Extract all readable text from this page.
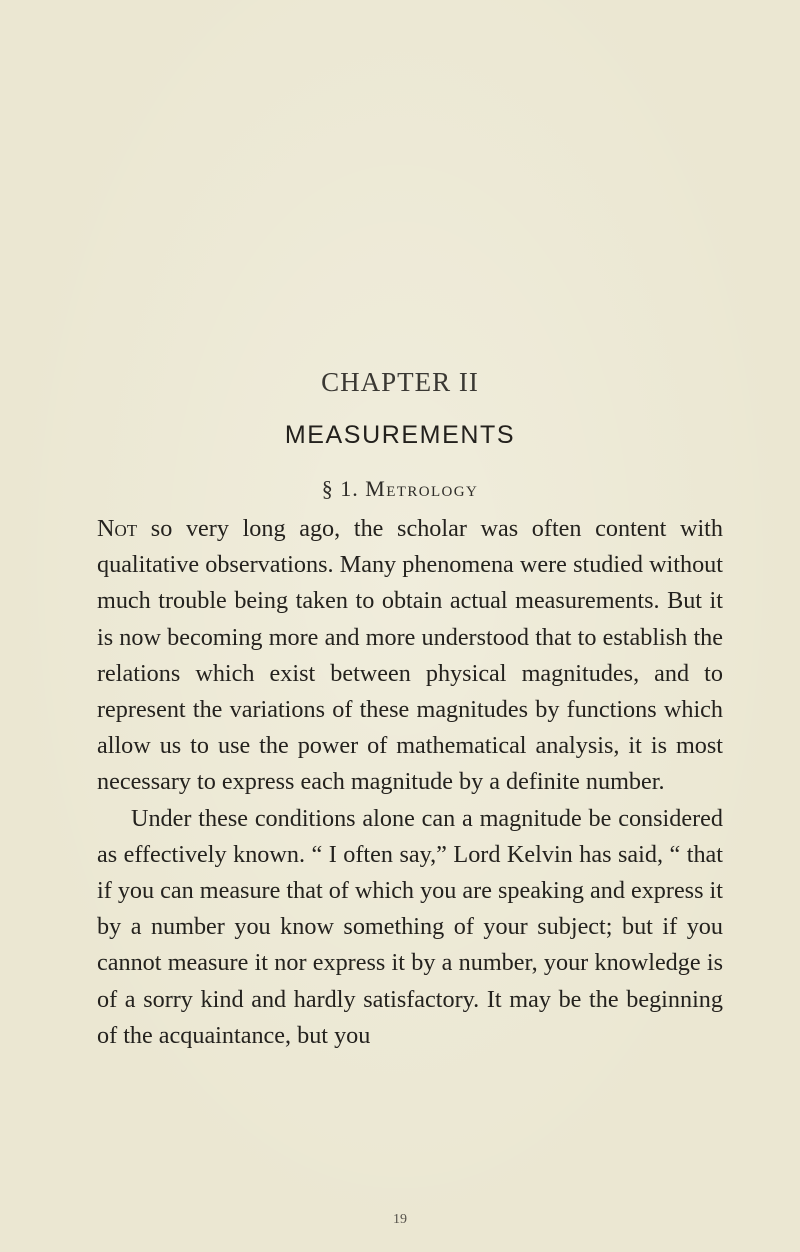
CHAPTER II
MEASUREMENTS
§ 1. Metrology

Not so very long ago, the scholar was often content with qualitative observations. Many phenomena were studied without much trouble being taken to obtain actual measurements. But it is now becoming more and more understood that to establish the relations which exist between physical magnitudes, and to represent the variations of these magnitudes by functions which allow us to use the power of mathematical analysis, it is most necessary to express each magnitude by a definite number.

Under these conditions alone can a magnitude be considered as effectively known. “ I often say,” Lord Kelvin has said, “ that if you can measure that of which you are speaking and express it by a number you know something of your subject; but if you cannot measure it nor express it by a number, your knowledge is of a sorry kind and hardly satisfactory. It may be the beginning of the acquaintance, but you

19
